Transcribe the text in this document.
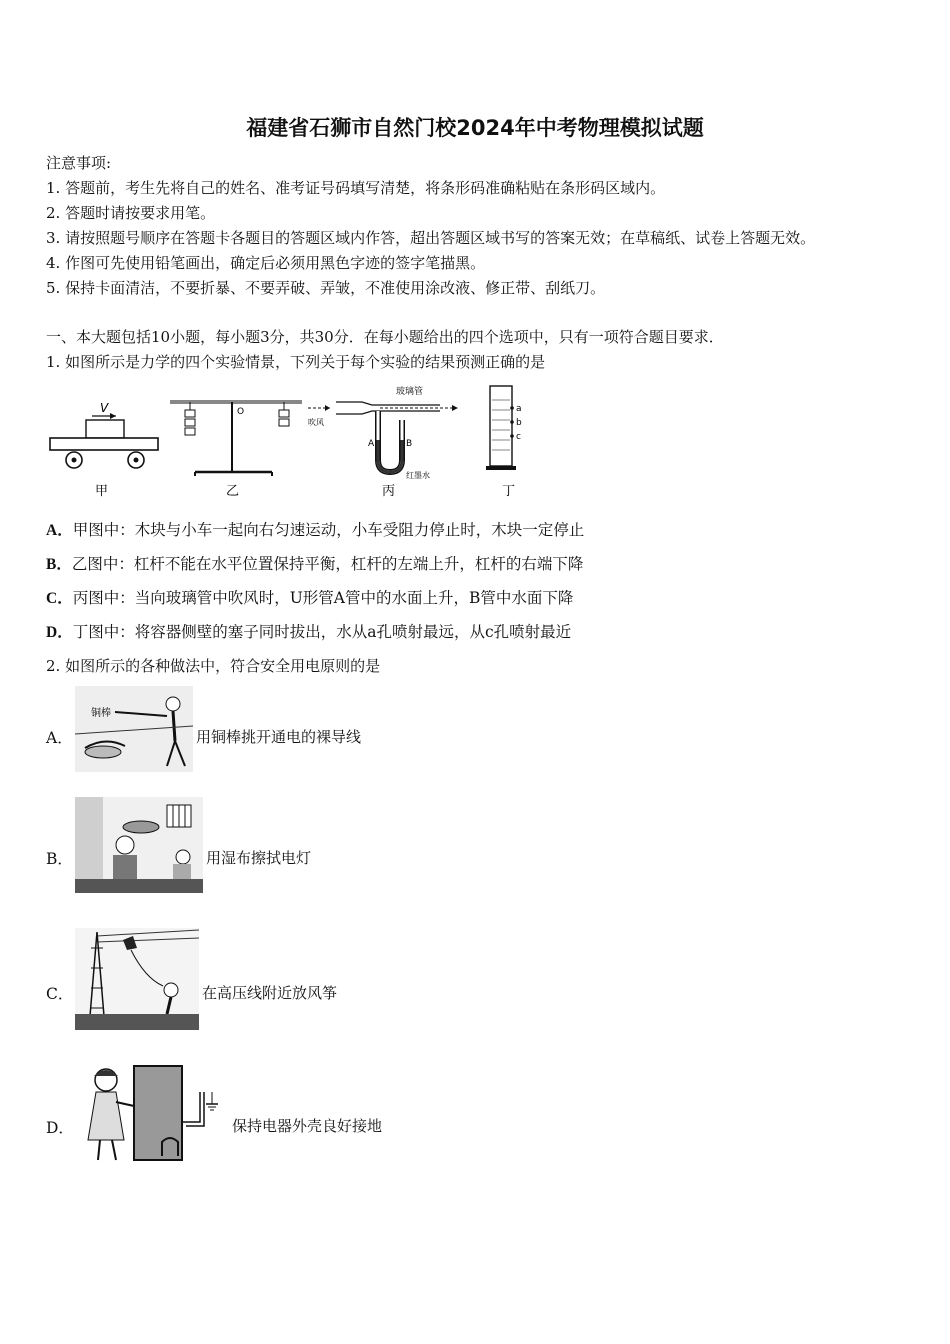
福建省石狮市自然门校2024年中考物理模拟试题
注意事项:
1. 答题前，考生先将自己的姓名、准考证号码填写清楚，将条形码准确粘贴在条形码区域内。
2. 答题时请按要求用笔。
3. 请按照题号顺序在答题卡各题目的答题区域内作答，超出答题区域书写的答案无效；在草稿纸、试卷上答题无效。
4. 作图可先使用铅笔画出，确定后必须用黑色字迹的签字笔描黑。
5. 保持卡面清洁，不要折暴、不要弄破、弄皱，不准使用涂改液、修正带、刮纸刀。
一、本大题包括10小题，每小题3分，共30分．在每小题给出的四个选项中，只有一项符合题目要求．
1. 如图所示是力学的四个实验情景，下列关于每个实验的结果预测正确的是
V
甲
O
乙
玻璃管
吹风
A	B
红墨水
丙
a
b
c
丁
A．甲图中：木块与小车一起向右匀速运动，小车受阻力停止时，木块一定停止
B．乙图中：杠杆不能在水平位置保持平衡，杠杆的左端上升，杠杆的右端下降
C．丙图中：当向玻璃管中吹风时，U形管A管中的水面上升，B管中水面下降
D．丁图中：将容器侧壁的塞子同时拔出，水从a孔喷射最远，从c孔喷射最近
2. 如图所示的各种做法中，符合安全用电原则的是
A．
铜棒
用铜棒挑开通电的裸导线
B．	用湿布擦拭电灯
C．	在高压线附近放风筝
D．	保持电器外壳良好接地
